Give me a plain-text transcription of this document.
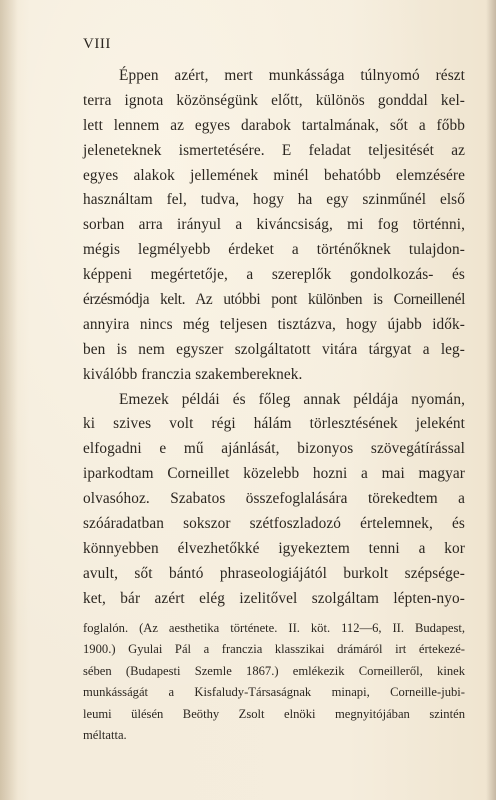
VIII
Éppen azért, mert munkássága túlnyomó részt
terra ignota közönségünk előtt, különös gonddal kel-
lett lennem az egyes darabok tartalmának, sőt a főbb
jeleneteknek ismertetésére. E feladat teljesitését az
egyes alakok jellemének minél behatóbb elemzésére
használtam fel, tudva, hogy ha egy szinműnél első
sorban arra irányul a kiváncsiság, mi fog történni,
mégis legmélyebb érdeket a történőknek tulajdon-
képpeni megértetője, a szereplők gondolkozás- és
érzésmódja kelt. Az utóbbi pont különben is Corneillenél
annyira nincs még teljesen tisztázva, hogy újabb idők-
ben is nem egyszer szolgáltatott vitára tárgyat a leg-
kiválóbb franczia szakembereknek.
Emezek példái és főleg annak példája nyomán,
ki szives volt régi hálám törlesztésének jeleként
elfogadni e mű ajánlását, bizonyos szövegátírással
iparkodtam Corneillet közelebb hozni a mai magyar
olvasóhoz. Szabatos összefoglalására törekedtem a
szóáradatban sokszor szétfoszladozó értelemnek, és
könnyebben élvezhetőkké igyekeztem tenni a kor
avult, sőt bántó phraseologiájától burkolt szépsége-
ket, bár azért elég izelitővel szolgáltam lépten-nyo-
foglalón. (Az aesthetika története. II. köt. 112—6, II. Budapest,
1900.) Gyulai Pál a franczia klasszikai drámáról irt értekezé-
sében (Budapesti Szemle 1867.) emlékezik Corneilleről, kinek
munkásságát a Kisfaludy-Társaságnak minapi, Corneille-jubi-
leumi ülésén Beöthy Zsolt elnöki megnyitójában szintén
méltatta.
